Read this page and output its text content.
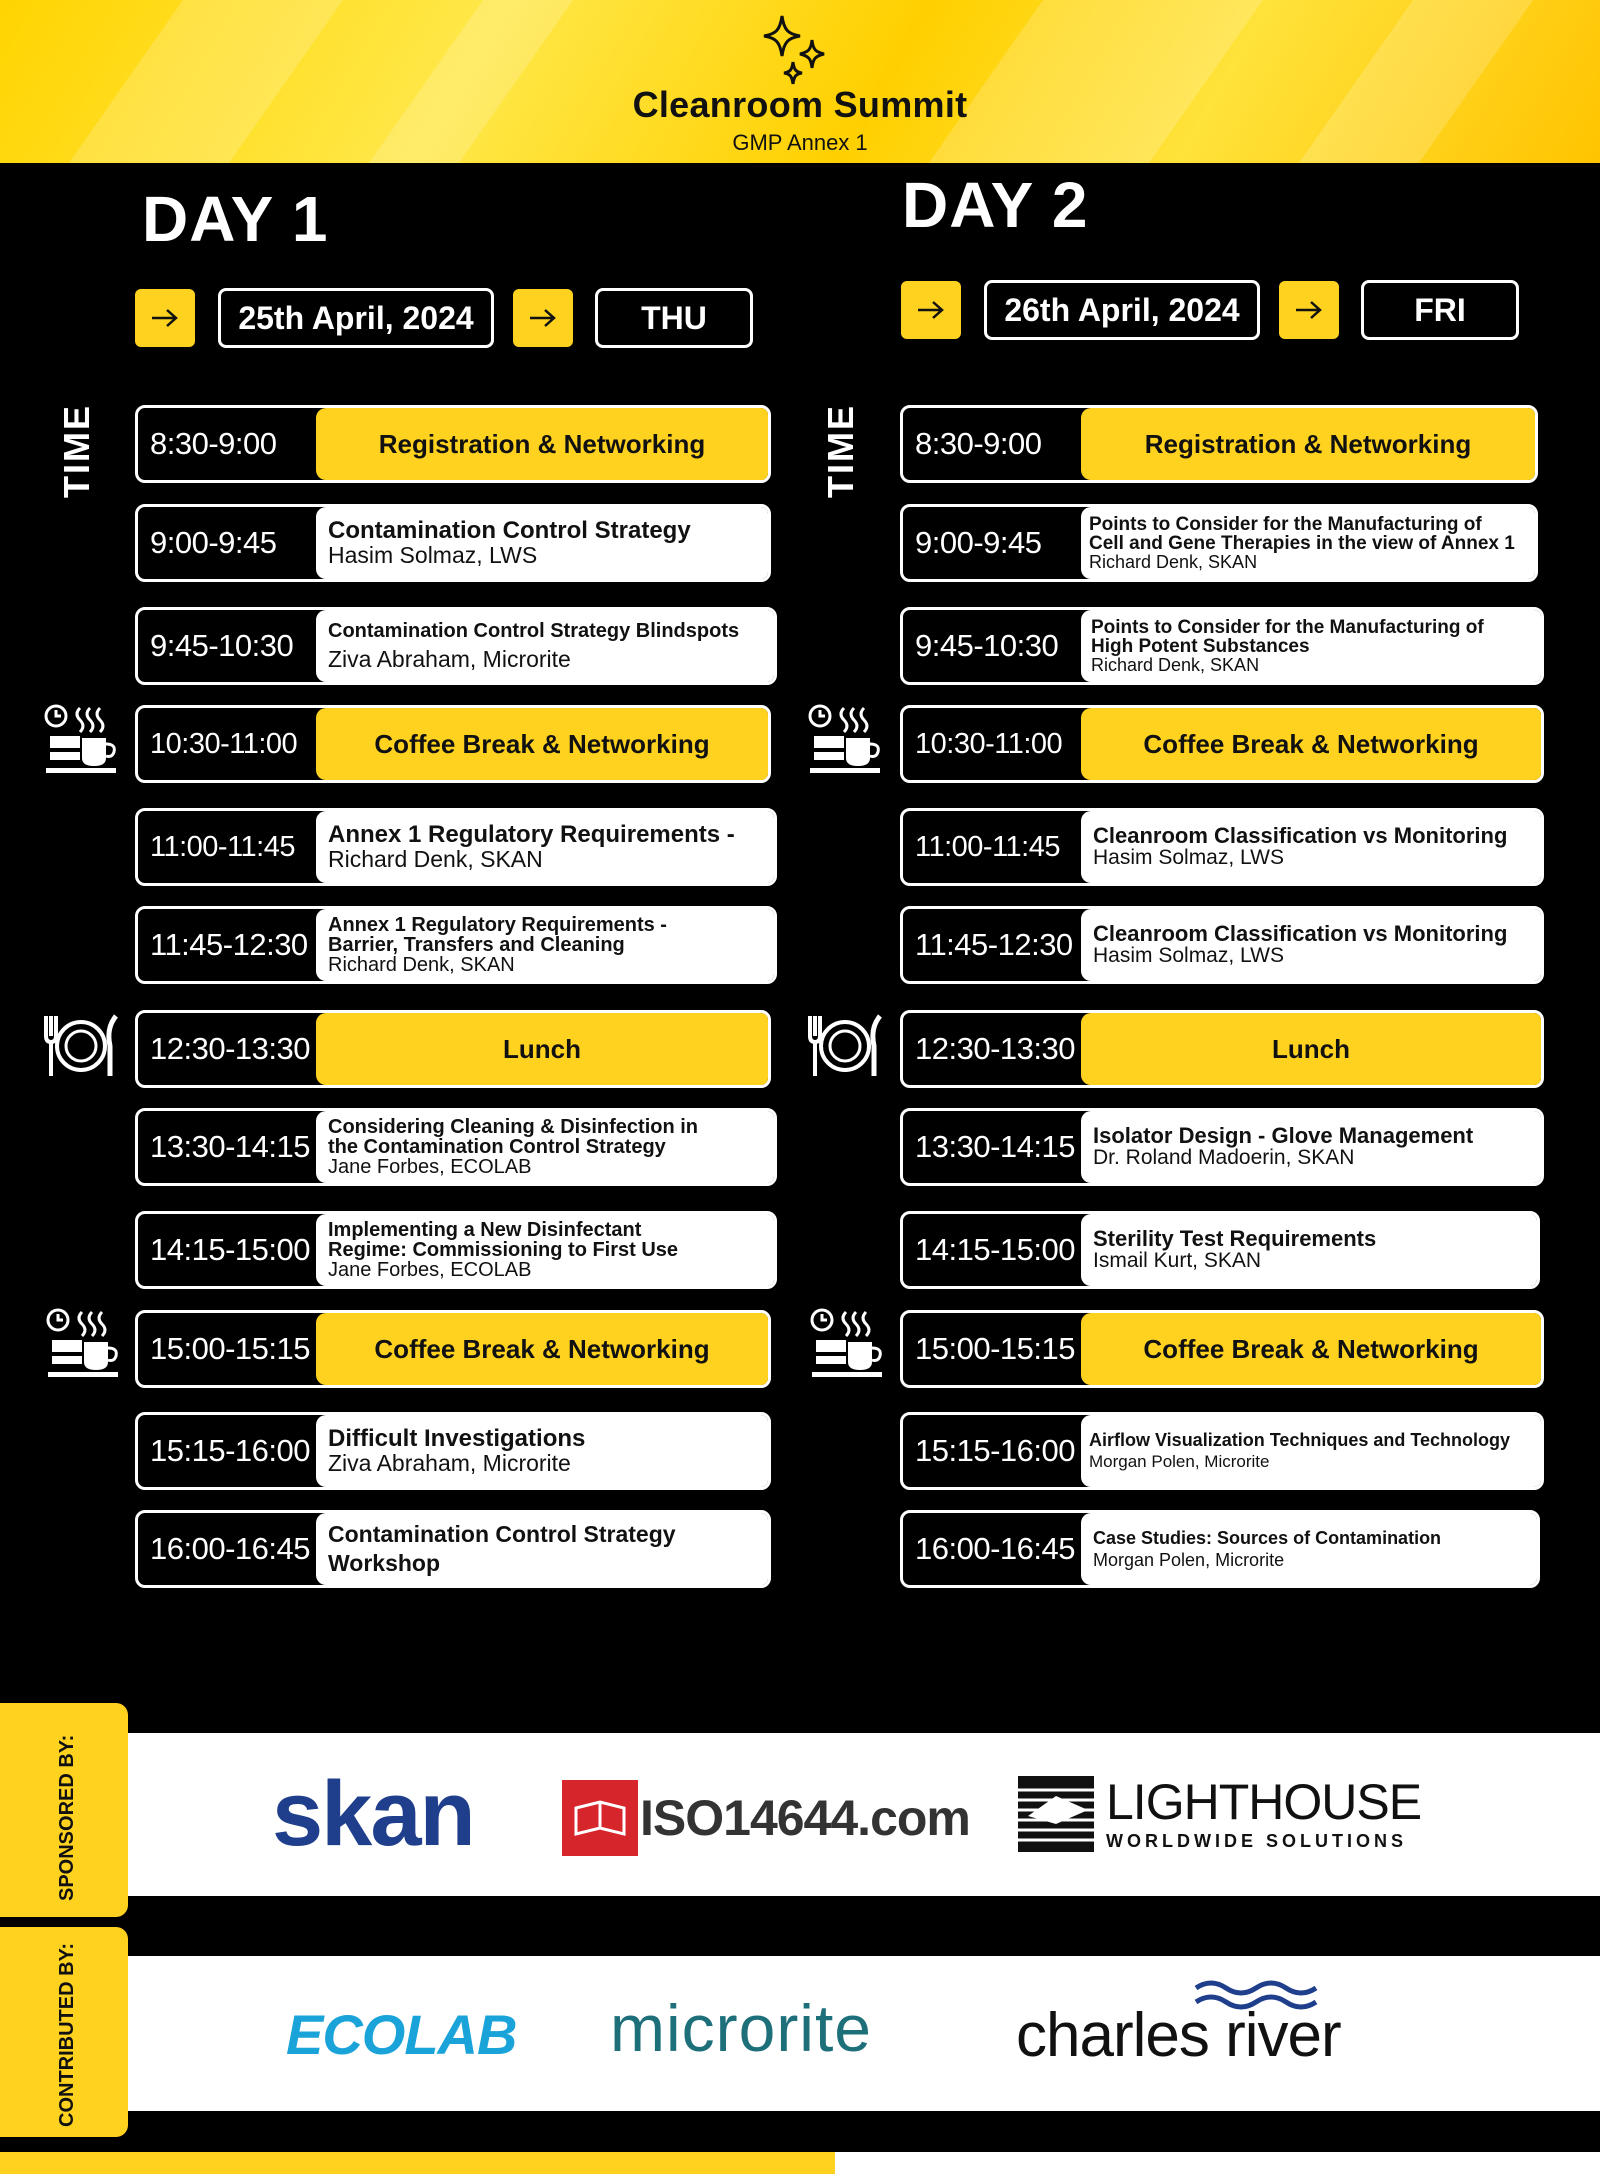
Cleanroom Summit
GMP Annex 1
DAY 1
25th April, 2024	THU
TIME	8:30-9:00	Registration & Networking
9:00-9:45	Contamination Control Strategy
Hasim Solmaz, LWS
9:45-10:30	Contamination Control Strategy Blindspots
Ziva Abraham, Microrite
10:30-11:00	Coffee Break & Networking
11:00-11:45	Annex 1 Regulatory Requirements -
Richard Denk, SKAN
11:45-12:30
Annex 1 Regulatory Requirements -
Barrier, Transfers and Cleaning
Richard Denk, SKAN
12:30-13:30	Lunch
13:30-14:15
Considering Cleaning & Disinfection in
the Contamination Control Strategy
Jane Forbes, ECOLAB
14:15-15:00
Implementing a New Disinfectant
Regime: Commissioning to First Use
Jane Forbes, ECOLAB
15:00-15:15 Coffee Break & Networking
15:15-16:00 Difficult Investigations
Ziva Abraham, Microrite
16:00-16:45 Contamination Control Strategy
Workshop
DAY 2
26th April, 2024	FRI
TIME	8:30-9:00	Registration & Networking
9:00-9:45
Points to Consider for the Manufacturing of
Cell and Gene Therapies in the view of Annex 1
Richard Denk, SKAN
9:45-10:30
Points to Consider for the Manufacturing of
High Potent Substances
Richard Denk, SKAN
10:30-11:00	Coffee Break & Networking
11:00-11:45	Cleanroom Classification vs Monitoring
Hasim Solmaz, LWS
11:45-12:30 Cleanroom Classification vs Monitoring
Hasim Solmaz, LWS
12:30-13:30	Lunch
13:30-14:15 Isolator Design - Glove Management
Dr. Roland Madoerin, SKAN
14:15-15:00 Sterility Test Requirements
Ismail Kurt, SKAN
15:00-15:15	Coffee Break & Networking
15:15-16:00 Airflow Visualization Techniques and Technology
Morgan Polen, Microrite
16:00-16:45	Case Studies: Sources of Contamination
Morgan Polen, Microrite
SPONSORED BY: skan	ISO14644.com	LIGHTHOUSE
WORLDWIDE SOLUTIONS
CONTRIBUTED BY:	ECOLAB microrite charles river
